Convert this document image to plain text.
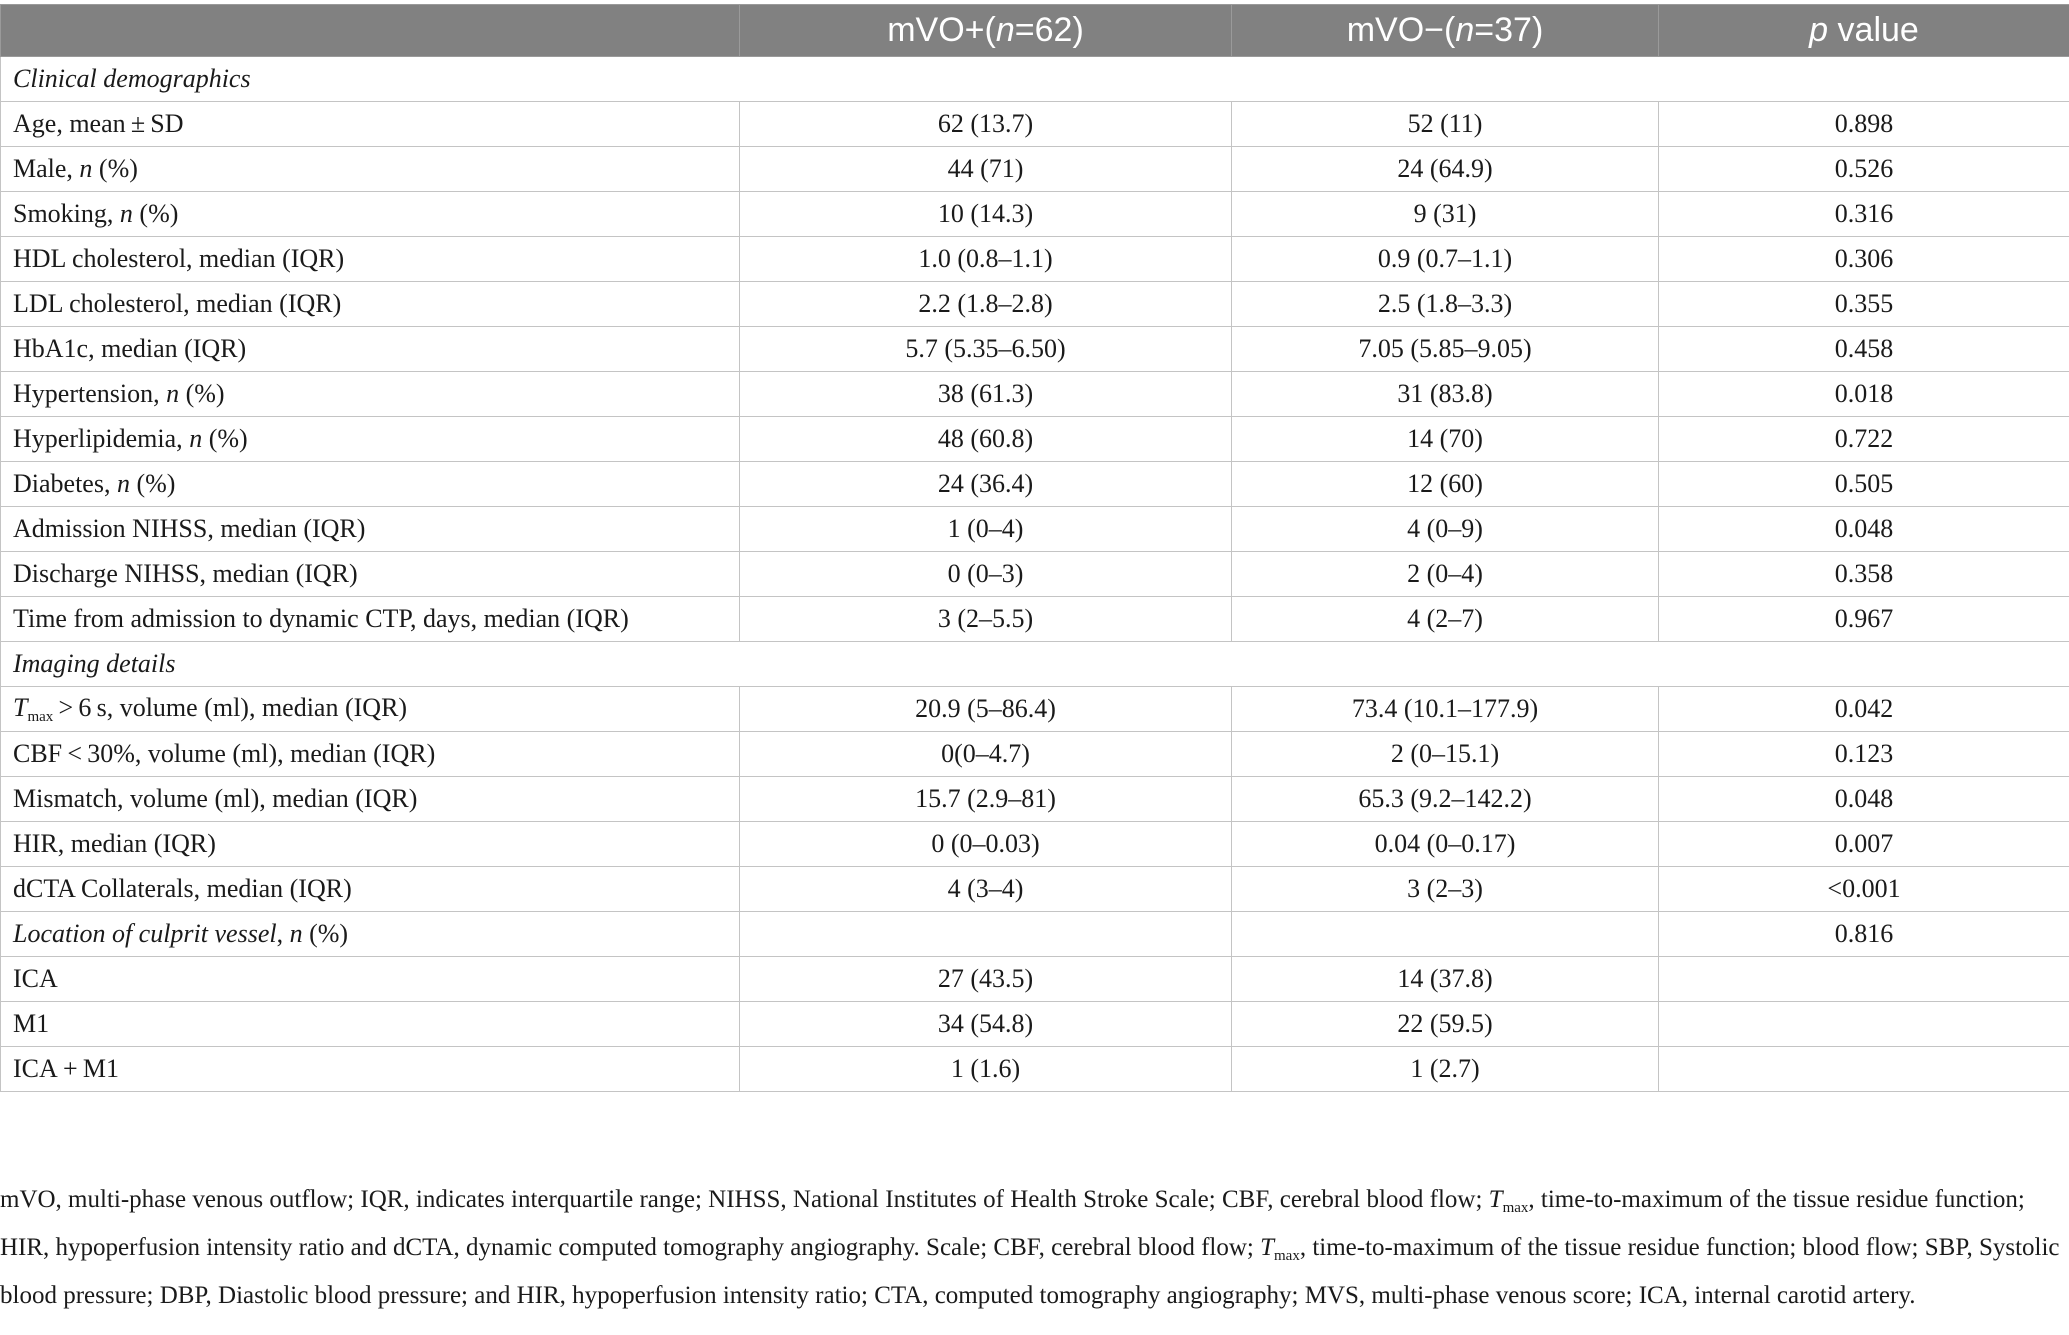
	mVO+(n=62)	mVO−(n=37)	p value
Clinical demographics			
Age, mean ± SD	62 (13.7)	52 (11)	0.898
Male, n (%)	44 (71)	24 (64.9)	0.526
Smoking, n (%)	10 (14.3)	9 (31)	0.316
HDL cholesterol, median (IQR)	1.0 (0.8–1.1)	0.9 (0.7–1.1)	0.306
LDL cholesterol, median (IQR)	2.2 (1.8–2.8)	2.5 (1.8–3.3)	0.355
HbA1c, median (IQR)	5.7 (5.35–6.50)	7.05 (5.85–9.05)	0.458
Hypertension, n (%)	38 (61.3)	31 (83.8)	0.018
Hyperlipidemia, n (%)	48 (60.8)	14 (70)	0.722
Diabetes, n (%)	24 (36.4)	12 (60)	0.505
Admission NIHSS, median (IQR)	1 (0–4)	4 (0–9)	0.048
Discharge NIHSS, median (IQR)	0 (0–3)	2 (0–4)	0.358
Time from admission to dynamic CTP, days, median (IQR)	3 (2–5.5)	4 (2–7)	0.967
Imaging details			
$T_{max} > 6$ s, volume (ml), median (IQR)	20.9 (5–86.4)	73.4 (10.1–177.9)	0.042
CBF < 30%, volume (ml), median (IQR)	0(0–4.7)	2 (0–15.1)	0.123
Mismatch, volume (ml), median (IQR)	15.7 (2.9–81)	65.3 (9.2–142.2)	0.048
HIR, median (IQR)	0 (0–0.03)	0.04 (0–0.17)	0.007
dCTA Collaterals, median (IQR)	4 (3–4)	3 (2–3)	<0.001
Location of culprit vessel, n (%)			0.816
ICA	27 (43.5)	14 (37.8)	
M1	34 (54.8)	22 (59.5)	
ICA + M1	1 (1.6)	1 (2.7)	
mVO, multi-phase venous outflow; IQR, indicates interquartile range; NIHSS, National Institutes of Health Stroke Scale; CBF, cerebral blood flow; $T_{max}$, time-to-maximum of the tissue residue function; HIR, hypoperfusion intensity ratio and dCTA, dynamic computed tomography angiography. Scale; CBF, cerebral blood flow; $T_{max}$, time-to-maximum of the tissue residue function; blood flow; SBP, Systolic blood pressure; DBP, Diastolic blood pressure; and HIR, hypoperfusion intensity ratio; CTA, computed tomography angiography; MVS, multi-phase venous score; ICA, internal carotid artery.
